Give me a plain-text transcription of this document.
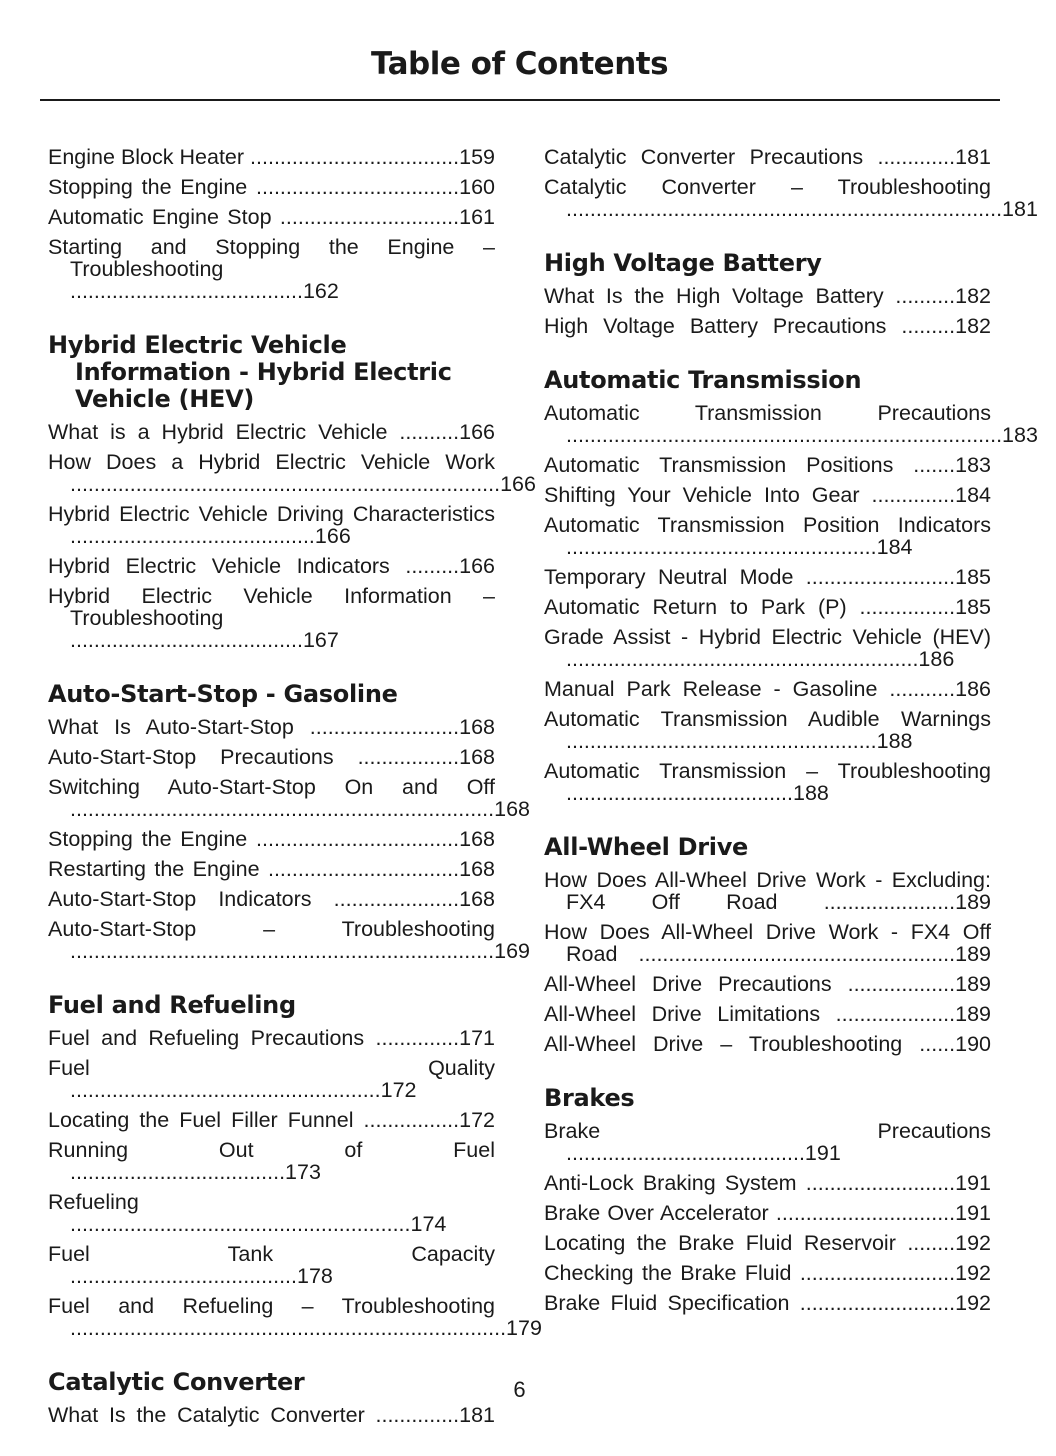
Table of Contents
Engine Block Heater ...................................159
Stopping the Engine ..................................160
Automatic Engine Stop ..............................161
Starting and Stopping the Engine – Troubleshooting .......................................162
Hybrid Electric Vehicle Information - Hybrid Electric Vehicle (HEV)
What is a Hybrid Electric Vehicle ..........166
How Does a Hybrid Electric Vehicle Work ........................................................................166
Hybrid Electric Vehicle Driving Characteristics .........................................166
Hybrid Electric Vehicle Indicators .........166
Hybrid Electric Vehicle Information – Troubleshooting .......................................167
Auto-Start-Stop - Gasoline
What Is Auto-Start-Stop .........................168
Auto-Start-Stop Precautions .................168
Switching Auto-Start-Stop On and Off .......................................................................168
Stopping the Engine ..................................168
Restarting the Engine ................................168
Auto-Start-Stop Indicators .....................168
Auto-Start-Stop – Troubleshooting .......................................................................169
Fuel and Refueling
Fuel and Refueling Precautions ..............171
Fuel Quality ....................................................172
Locating the Fuel Filler Funnel ................172
Running Out of Fuel ....................................173
Refueling .........................................................174
Fuel Tank Capacity ......................................178
Fuel and Refueling – Troubleshooting .........................................................................179
Catalytic Converter
What Is the Catalytic Converter ..............181
Catalytic Converter Precautions .............181
Catalytic Converter – Troubleshooting .........................................................................181
High Voltage Battery
What Is the High Voltage Battery ..........182
High Voltage Battery Precautions .........182
Automatic Transmission
Automatic Transmission Precautions .........................................................................183
Automatic Transmission Positions .......183
Shifting Your Vehicle Into Gear ..............184
Automatic Transmission Position Indicators ....................................................184
Temporary Neutral Mode .........................185
Automatic Return to Park (P) ................185
Grade Assist - Hybrid Electric Vehicle (HEV) ...........................................................186
Manual Park Release - Gasoline ...........186
Automatic Transmission Audible Warnings ....................................................188
Automatic Transmission – Troubleshooting ......................................188
All-Wheel Drive
How Does All-Wheel Drive Work - Excluding: FX4 Off Road ......................189
How Does All-Wheel Drive Work - FX4 Off Road .....................................................189
All-Wheel Drive Precautions ..................189
All-Wheel Drive Limitations ....................189
All-Wheel Drive – Troubleshooting ......190
Brakes
Brake Precautions ........................................191
Anti-Lock Braking System .........................191
Brake Over Accelerator ..............................191
Locating the Brake Fluid Reservoir ........192
Checking the Brake Fluid ..........................192
Brake Fluid Specification ..........................192
6
